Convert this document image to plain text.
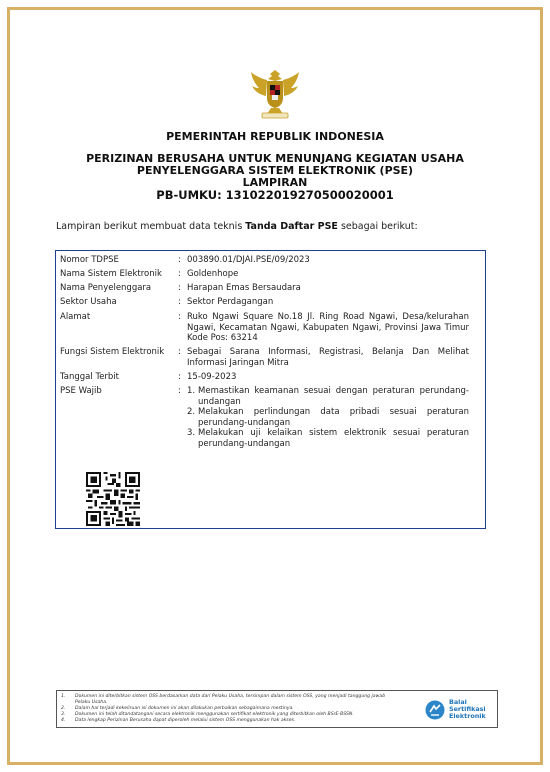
PEMERINTAH REPUBLIK INDONESIA
PERIZINAN BERUSAHA UNTUK MENUNJANG KEGIATAN USAHA
PENYELENGGARA SISTEM ELEKTRONIK (PSE)
LAMPIRAN
PB-UMKU: 131022019270500020001
Lampiran berikut membuat data teknis Tanda Daftar PSE sebagai berikut:
Nomor TDPSE	: 003890.01/DJAI.PSE/09/2023
Nama Sistem Elektronik	: Goldenhope
Nama Penyelenggara	: Harapan Emas Bersaudara
Sektor Usaha	: Sektor Perdagangan
Alamat	: Ruko Ngawi Square No.18 Jl. Ring Road Ngawi, Desa/kelurahan
Ngawi, Kecamatan Ngawi, Kabupaten Ngawi, Provinsi Jawa Timur
Kode Pos: 63214
Fungsi Sistem Elektronik	: Sebagai Sarana Informasi, Registrasi, Belanja Dan Melihat
Informasi Jaringan Mitra
Tanggal Terbit	: 15-09-2023
PSE Wajib	: 1. Memastikan keamanan sesuai dengan peraturan perundang-
undangan
2. Melakukan perlindungan data pribadi sesuai peraturan
perundang-undangan
3. Melakukan uji kelaikan sistem elektronik sesuai peraturan
perundang-undangan
1. Dokumen ini diterbitkan sistem OSS berdasarkan data dari Pelaku Usaha, tersimpan dalam sistem OSS, yang menjadi tanggung jawab
Pelaku Usaha.
2. Dalam hal terjadi kekeliruan isi dokumen ini akan dilakukan perbaikan sebagaimana mestinya.
3. Dokumen ini telah ditandatangani secara elektronik menggunakan sertifikat elektronik yang diterbitkan oleh BSrE-BSSN.
4. Data lengkap Perizinan Berusaha dapat diperoleh melalui sistem OSS menggunakan hak akses.
Balai
Sertifikasi
Elektronik
